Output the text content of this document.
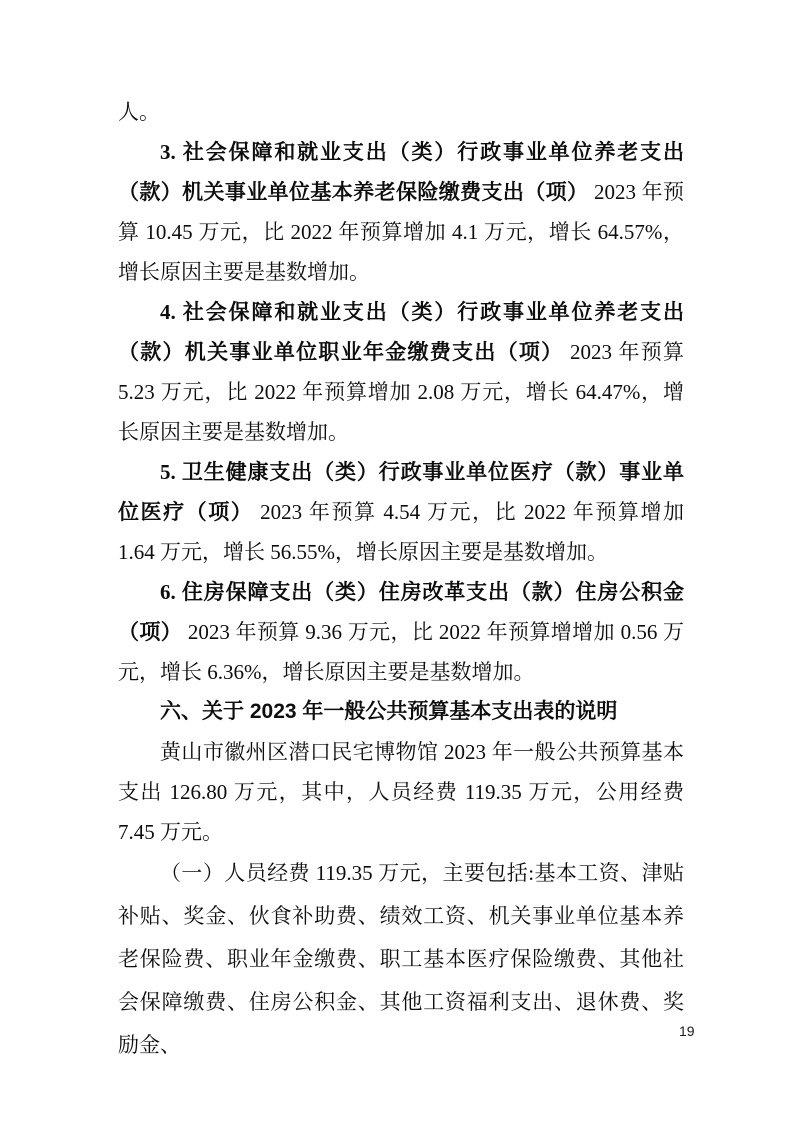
人。

3. 社会保障和就业支出（类）行政事业单位养老支出（款）机关事业单位基本养老保险缴费支出（项） 2023 年预算 10.45 万元，比 2022 年预算增加 4.1 万元，增长 64.57%，增长原因主要是基数增加。

4. 社会保障和就业支出（类）行政事业单位养老支出（款）机关事业单位职业年金缴费支出（项） 2023 年预算 5.23 万元，比 2022 年预算增加 2.08 万元，增长 64.47%，增长原因主要是基数增加。

5. 卫生健康支出（类）行政事业单位医疗（款）事业单位医疗（项） 2023 年预算 4.54 万元，比 2022 年预算增加 1.64 万元，增长 56.55%，增长原因主要是基数增加。

6. 住房保障支出（类）住房改革支出（款）住房公积金（项） 2023 年预算 9.36 万元，比 2022 年预算增增加 0.56 万元，增长 6.36%，增长原因主要是基数增加。

六、关于 2023 年一般公共预算基本支出表的说明

黄山市徽州区潜口民宅博物馆 2023 年一般公共预算基本支出 126.80 万元，其中，人员经费 119.35 万元，公用经费 7.45 万元。

（一）人员经费 119.35 万元，主要包括:基本工资、津贴补贴、奖金、伙食补助费、绩效工资、机关事业单位基本养老保险费、职业年金缴费、职工基本医疗保险缴费、其他社会保障缴费、住房公积金、其他工资福利支出、退休费、奖励金、

19
